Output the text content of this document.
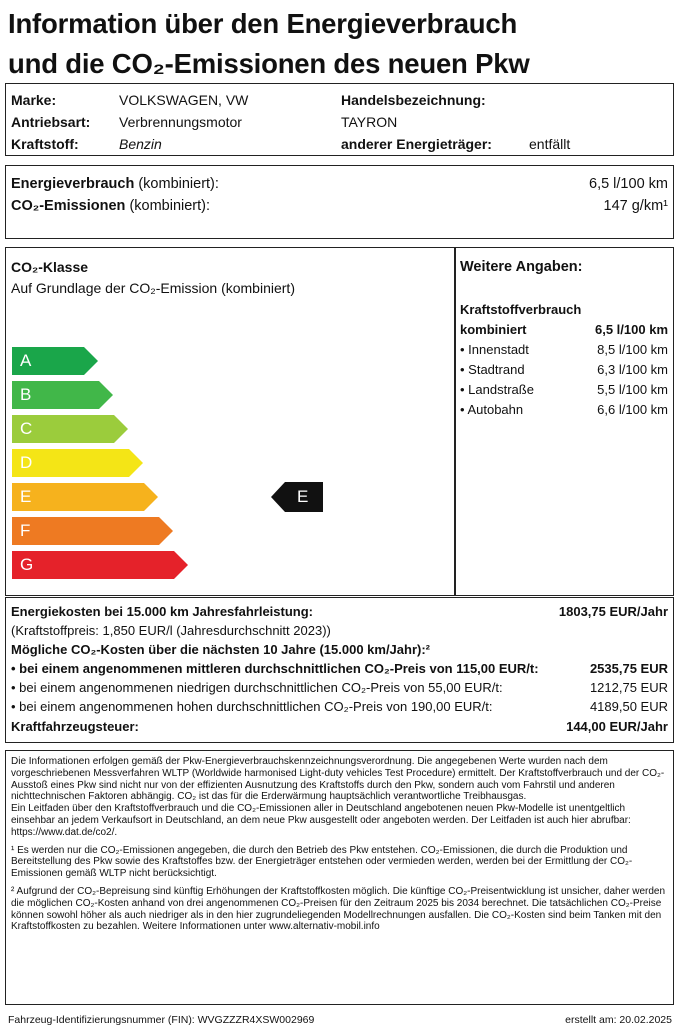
Information über den Energieverbrauch
und die CO₂-Emissionen des neuen Pkw
Marke:	VOLKSWAGEN, VW
Antriebsart: Verbrennungsmotor
Kraftstoff:	Benzin
Handelsbezeichnung:
TAYRON
anderer Energieträger:	entfällt
Energieverbrauch (kombiniert):	6,5 l/100 km
CO₂-Emissionen (kombiniert):	147 g/km¹
CO₂-Klasse
Auf Grundlage der CO₂-Emission (kombiniert)
A
B
C
D
E
F
G
E
Weitere Angaben:
Kraftstoffverbrauch
kombiniert	6,5 l/100 km
• Innenstadt	8,5 l/100 km
• Stadtrand	6,3 l/100 km
• Landstraße	5,5 l/100 km
• Autobahn	6,6 l/100 km
Energiekosten bei 15.000 km Jahresfahrleistung:	1803,75 EUR/Jahr
(Kraftstoffpreis: 1,850 EUR/l (Jahresdurchschnitt 2023))
Mögliche CO₂-Kosten über die nächsten 10 Jahre (15.000 km/Jahr):²
• bei einem angenommenen mittleren durchschnittlichen CO₂-Preis von 115,00 EUR/t:	2535,75 EUR
• bei einem angenommenen niedrigen durchschnittlichen CO₂-Preis von 55,00 EUR/t:	1212,75 EUR
• bei einem angenommenen hohen durchschnittlichen CO₂-Preis von 190,00 EUR/t:	4189,50 EUR
Kraftfahrzeugsteuer:	144,00 EUR/Jahr

Die Informationen erfolgen gemäß der Pkw-Energieverbrauchskennzeichnungsverordnung. Die angegebenen Werte wurden nach dem vorgeschriebenen Messverfahren WLTP (Worldwide harmonised Light-duty vehicles Test Procedure) ermittelt. Der Kraftstoffverbrauch und der CO₂-Ausstoß eines Pkw sind nicht nur von der effizienten Ausnutzung des Kraftstoffs durch den Pkw, sondern auch vom Fahrstil und anderen nichttechnischen Faktoren abhängig. CO₂ ist das für die Erderwärmung hauptsächlich verantwortliche Treibhausgas.

Ein Leitfaden über den Kraftstoffverbrauch und die CO₂-Emissionen aller in Deutschland angebotenen neuen Pkw-Modelle ist unentgeltlich einsehbar an jedem Verkaufsort in Deutschland, an dem neue Pkw ausgestellt oder angeboten werden. Der Leitfaden ist auch hier abrufbar: https://www.dat.de/co2/.

¹ Es werden nur die CO₂-Emissionen angegeben, die durch den Betrieb des Pkw entstehen. CO₂-Emissionen, die durch die Produktion und Bereitstellung des Pkw sowie des Kraftstoffes bzw. der Energieträger entstehen oder vermieden werden, werden bei der Ermittlung der CO₂-Emissionen gemäß WLTP nicht berücksichtigt.

² Aufgrund der CO₂-Bepreisung sind künftig Erhöhungen der Kraftstoffkosten möglich. Die künftige CO₂-Preisentwicklung ist unsicher, daher werden die möglichen CO₂-Kosten anhand von drei angenommenen CO₂-Preisen für den Zeitraum 2025 bis 2034 berechnet. Die tatsächlichen CO₂-Preise können sowohl höher als auch niedriger als in den hier zugrundeliegenden Modellrechnungen ausfallen. Die CO₂-Kosten sind beim Tanken mit den Kraftstoffkosten zu bezahlen. Weitere Informationen unter www.alternativ-mobil.info

Fahrzeug-Identifizierungsnummer (FIN): WVGZZZR4XSW002969	erstellt am: 20.02.2025
